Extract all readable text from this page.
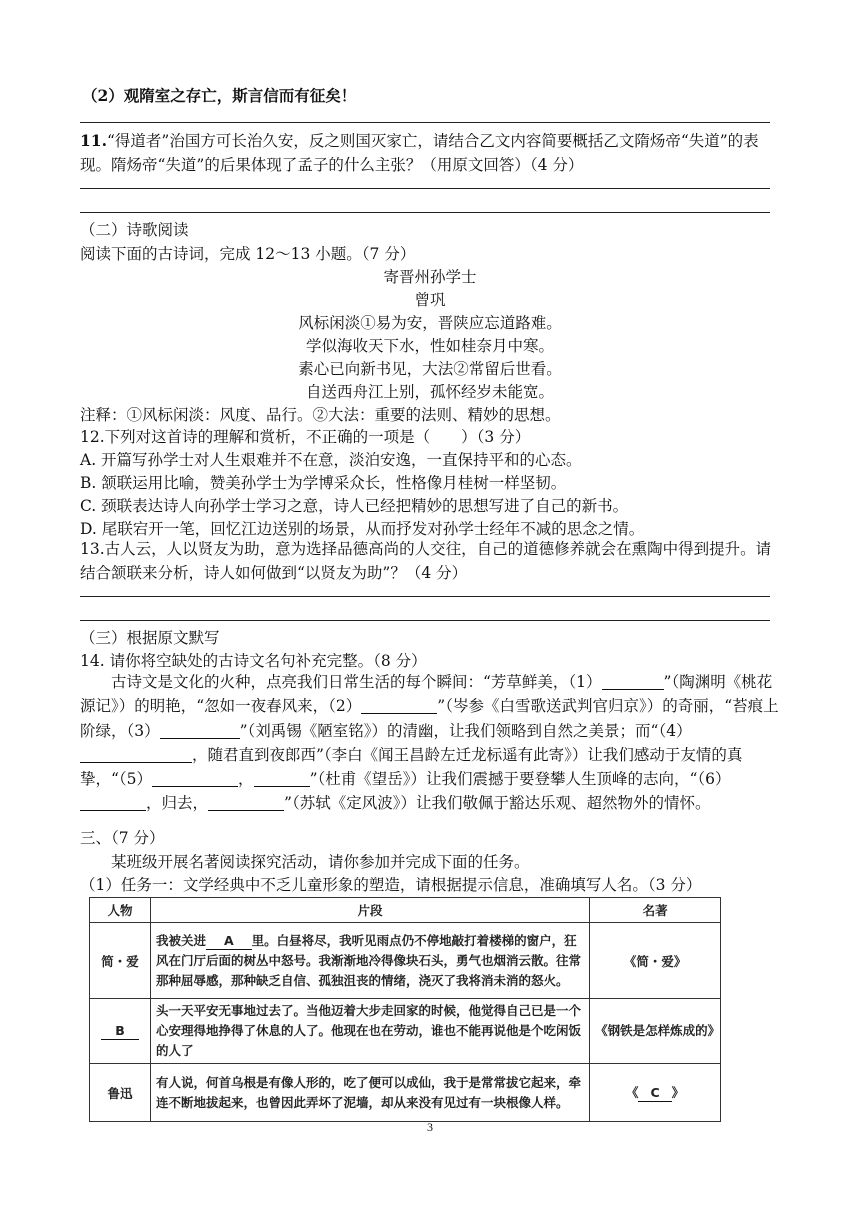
（2）观隋室之存亡，斯言信而有征矣！
11.“得道者”治国方可长治久安，反之则国灭家亡，请结合乙文内容简要概括乙文隋炀帝“失道”的表现。隋炀帝“失道”的后果体现了孟子的什么主张？（用原文回答）（4 分）
（二）诗歌阅读
阅读下面的古诗词，完成 12～13 小题。（7 分）
寄晋州孙学士
曾巩
风标闲淡①易为安，晋陕应忘道路难。
学似海收天下水，性如桂奈月中寒。
素心已向新书见，大法②常留后世看。
自送西舟江上别，孤怀经岁未能宽。
注释：①风标闲淡：风度、品行。②大法：重要的法则、精妙的思想。
12.下列对这首诗的理解和赏析，不正确的一项是（　　）（3 分）
A. 开篇写孙学士对人生艰难并不在意，淡泊安逸，一直保持平和的心态。
B. 颔联运用比喻，赞美孙学士为学博采众长，性格像月桂树一样坚韧。
C. 颈联表达诗人向孙学士学习之意，诗人已经把精妙的思想写进了自己的新书。
D. 尾联宕开一笔，回忆江边送别的场景，从而抒发对孙学士经年不减的思念之情。
13.古人云，人以贤友为助，意为选择品德高尚的人交往，自己的道德修养就会在熏陶中得到提升。请结合颔联来分析，诗人如何做到“以贤友为助”？（4 分）
（三）根据原文默写
14. 请你将空缺处的古诗文名句补充完整。（8 分）
古诗文是文化的火种，点亮我们日常生活的每个瞬间：“芳草鲜美，（1）	”（陶渊明《桃花源记》）的明艳，“忽如一夜春风来，（2）	”（岑参《白雪歌送武判官归京》）的奇丽，“苔痕上阶绿，（3）	”（刘禹锡《陋室铭》）的清幽，让我们领略到自然之美景；而“（4），随君直到夜郎西”（李白《闻王昌龄左迁龙标遥有此寄》）让我们感动于友情的真挚，“（5）	，	”（杜甫《望岳》）让我们震撼于要登攀人生顶峰的志向，“（6），归去，	”（苏轼《定风波》）让我们敬佩于豁达乐观、超然物外的情怀。
三、（7 分）
某班级开展名著阅读探究活动，请你参加并完成下面的任务。
（1）任务一：文学经典中不乏儿童形象的塑造，请根据提示信息，准确填写人名。（3 分）
人物	片段	名著
简・爱	我被关进 A 里。白昼将尽，我听见雨点仍不停地敲打着楼梯的窗户，狂风在门厅后面的树丛中怒号。我渐渐地冷得像块石头，勇气也烟消云散。往常那种屈辱感，那种缺乏自信、孤独沮丧的情绪，浇灭了我将消未消的怒火。	《简・爱》
B	头一天平安无事地过去了。当他迈着大步走回家的时候，他觉得自己已是一个心安理得地挣得了休息的人了。他现在也在劳动，谁也不能再说他是个吃闲饭的人了	《钢铁是怎样炼成的》
鲁迅	有人说，何首乌根是有像人形的，吃了便可以成仙，我于是常常拔它起来，牵连不断地拔起来，也曾因此弄坏了泥墙，却从来没有见过有一块根像人样。	《 C 》
3
